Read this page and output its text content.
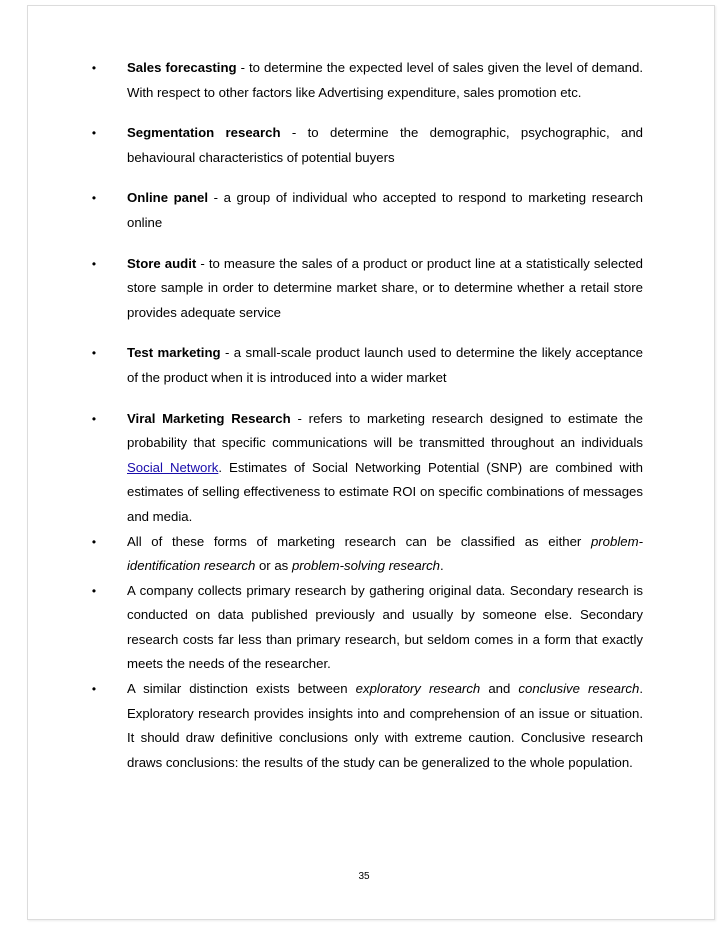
•	Sales forecasting - to determine the expected level of sales given the level of demand. With respect to other factors like Advertising expenditure, sales promotion etc.
•	Segmentation research - to determine the demographic, psychographic, and behavioural characteristics of potential buyers
•	Online panel - a group of individual who accepted to respond to marketing research online
•	Store audit - to measure the sales of a product or product line at a statistically selected store sample in order to determine market share, or to determine whether a retail store provides adequate service
•	Test marketing - a small-scale product launch used to determine the likely acceptance of the product when it is introduced into a wider market
•	Viral Marketing Research - refers to marketing research designed to estimate the probability that specific communications will be transmitted throughout an individuals Social Network. Estimates of Social Networking Potential (SNP) are combined with estimates of selling effectiveness to estimate ROI on specific combinations of messages and media.
•	All of these forms of marketing research can be classified as either problem-identification research or as problem-solving research.
•	A company collects primary research by gathering original data. Secondary research is conducted on data published previously and usually by someone else. Secondary research costs far less than primary research, but seldom comes in a form that exactly meets the needs of the researcher.
•	A similar distinction exists between exploratory research and conclusive research. Exploratory research provides insights into and comprehension of an issue or situation. It should draw definitive conclusions only with extreme caution. Conclusive research draws conclusions: the results of the study can be generalized to the whole population.
35
